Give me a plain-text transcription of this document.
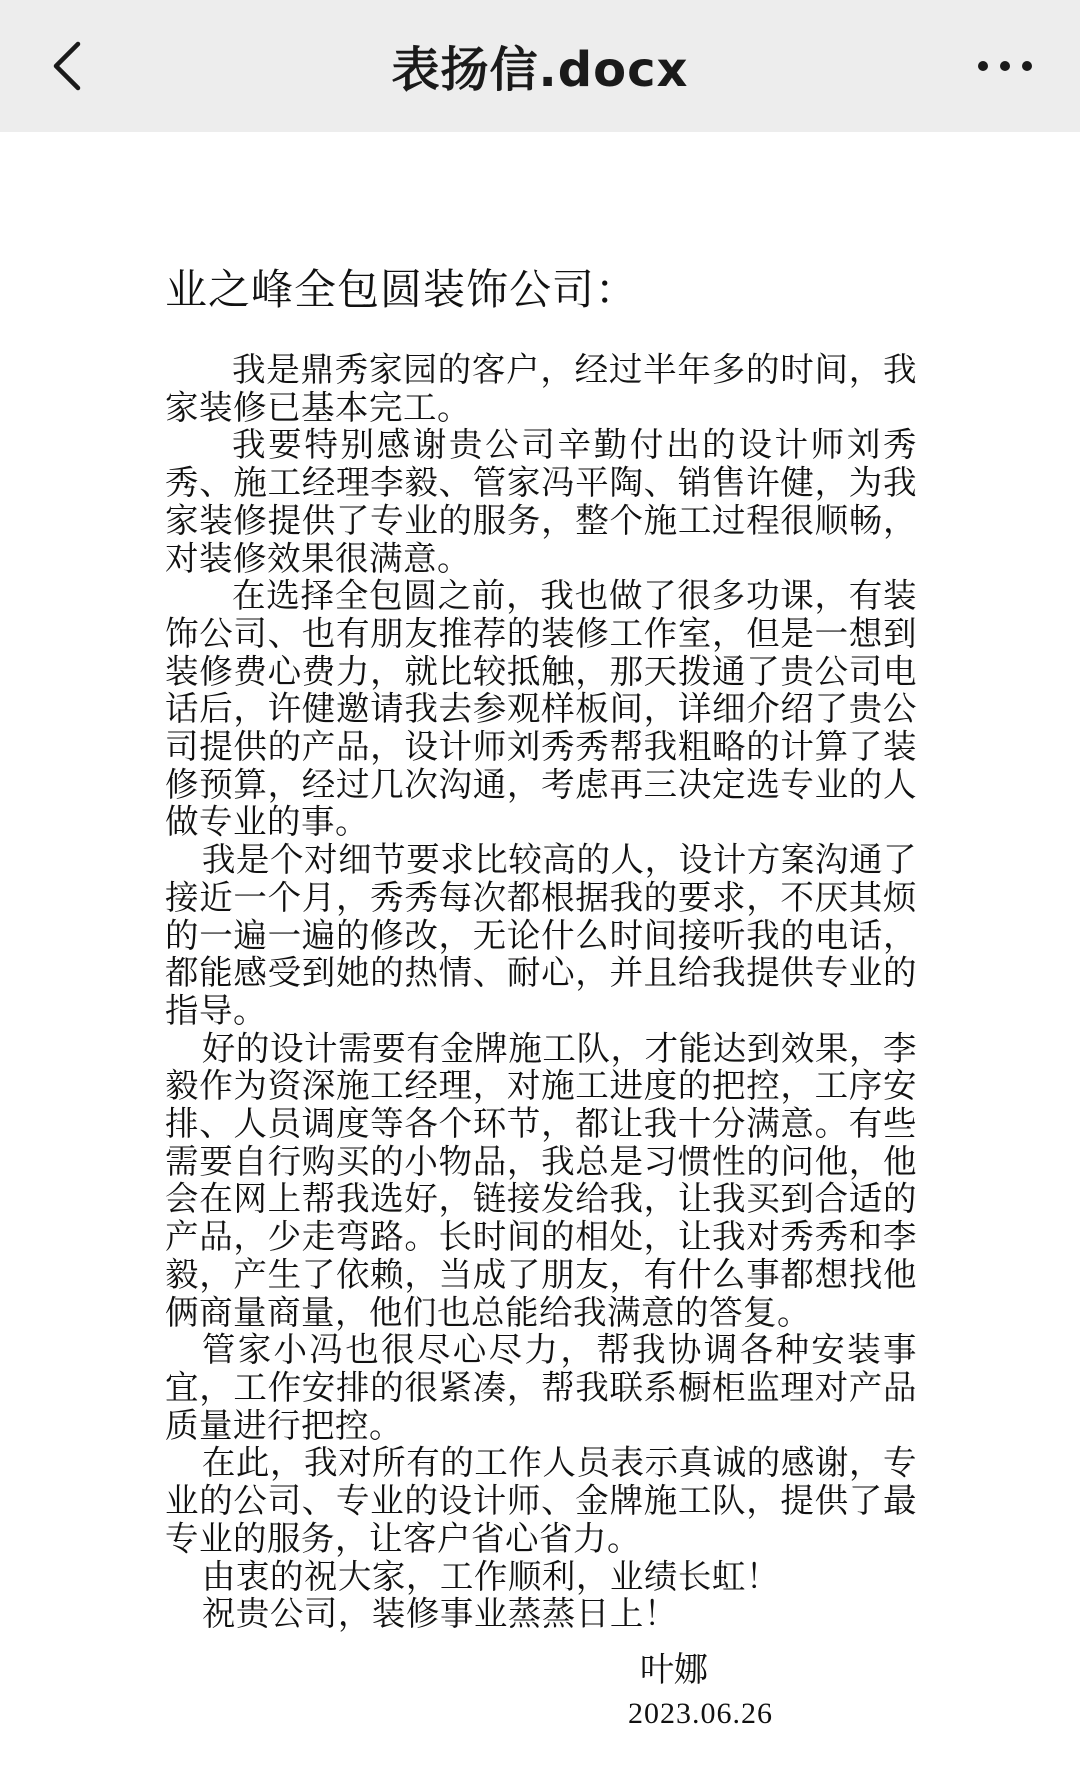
表扬信.docx
业之峰全包圆装饰公司：

我是鼎秀家园的客户，经过半年多的时间，我家装修已基本完工。

我要特别感谢贵公司辛勤付出的设计师刘秀秀、施工经理李毅、管家冯平陶、销售许健，为我家装修提供了专业的服务，整个施工过程很顺畅，对装修效果很满意。

在选择全包圆之前，我也做了很多功课，有装饰公司、也有朋友推荐的装修工作室，但是一想到装修费心费力，就比较抵触，那天拨通了贵公司电话后，许健邀请我去参观样板间，详细介绍了贵公司提供的产品，设计师刘秀秀帮我粗略的计算了装修预算，经过几次沟通，考虑再三决定选专业的人做专业的事。

我是个对细节要求比较高的人，设计方案沟通了接近一个月，秀秀每次都根据我的要求，不厌其烦的一遍一遍的修改，无论什么时间接听我的电话，都能感受到她的热情、耐心，并且给我提供专业的指导。

好的设计需要有金牌施工队，才能达到效果，李毅作为资深施工经理，对施工进度的把控，工序安排、人员调度等各个环节，都让我十分满意。有些需要自行购买的小物品，我总是习惯性的问他，他会在网上帮我选好，链接发给我，让我买到合适的产品，少走弯路。长时间的相处，让我对秀秀和李毅，产生了依赖，当成了朋友，有什么事都想找他俩商量商量，他们也总能给我满意的答复。

管家小冯也很尽心尽力，帮我协调各种安装事宜，工作安排的很紧凑，帮我联系橱柜监理对产品质量进行把控。

在此，我对所有的工作人员表示真诚的感谢，专业的公司、专业的设计师、金牌施工队，提供了最专业的服务，让客户省心省力。

由衷的祝大家，工作顺利，业绩长虹！

祝贵公司，装修事业蒸蒸日上！

叶娜
2023.06.26
